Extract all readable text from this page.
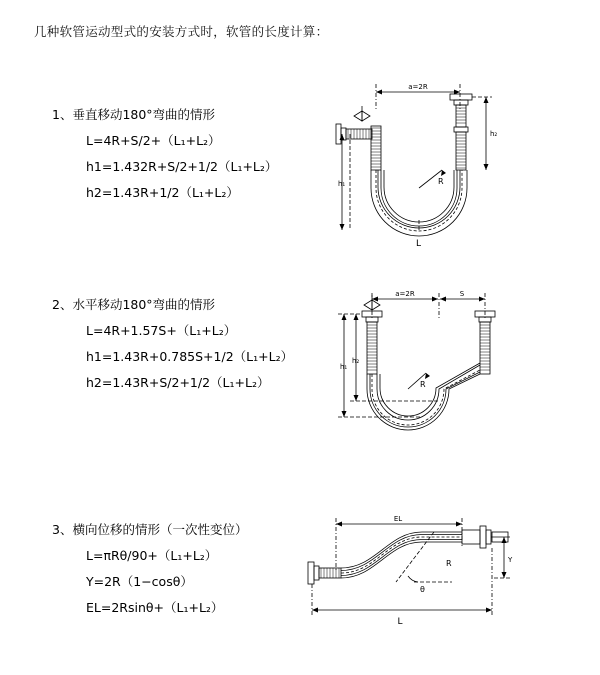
几种软管运动型式的安装方式时，软管的长度计算：
1、垂直移动180°弯曲的情形
L=4R+S/2+（L₁+L₂）
h1=1.432R+S/2+1/2（L₁+L₂）
h2=1.43R+1/2（L₁+L₂）
a=2R
R
h₁
h₂
L
2、水平移动180°弯曲的情形
L=4R+1.57S+（L₁+L₂）
h1=1.43R+0.785S+1/2（L₁+L₂）
h2=1.43R+S/2+1/2（L₁+L₂）
a=2R	S
R
h₁
h₂
3、横向位移的情形（一次性变位）
L=πRθ/90+（L₁+L₂）
Y=2R（1−cosθ）
EL=2Rsinθ+（L₁+L₂）
EL
Y
θ
R
L
